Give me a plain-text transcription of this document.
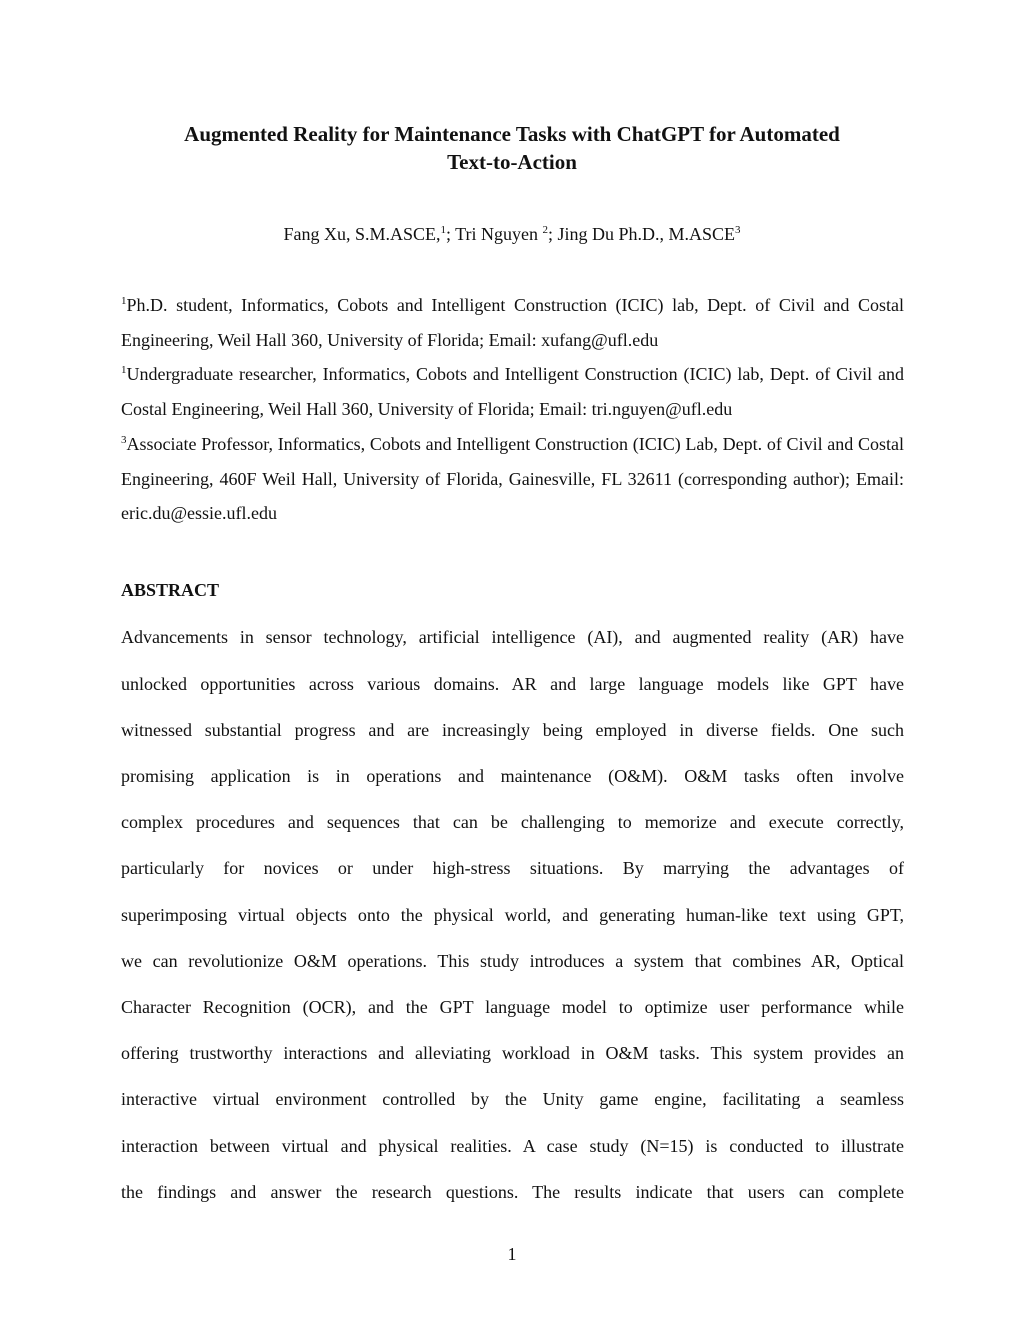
Augmented Reality for Maintenance Tasks with ChatGPT for Automated
Text-to-Action
Fang Xu, S.M.ASCE,$^1$; Tri Nguyen $^2$; Jing Du Ph.D., M.ASCE$^3$

$^1$Ph.D. student, Informatics, Cobots and Intelligent Construction (ICIC) lab, Dept. of Civil and Costal Engineering, Weil Hall 360, University of Florida; Email: xufang@ufl.edu

$^1$Undergraduate researcher, Informatics, Cobots and Intelligent Construction (ICIC) lab, Dept. of Civil and Costal Engineering, Weil Hall 360, University of Florida; Email: tri.nguyen@ufl.edu

$^3$Associate Professor, Informatics, Cobots and Intelligent Construction (ICIC) Lab, Dept. of Civil and Costal Engineering, 460F Weil Hall, University of Florida, Gainesville, FL 32611 (corresponding author); Email: eric.du@essie.ufl.edu

ABSTRACT
Advancements in sensor technology, artificial intelligence (AI), and augmented reality (AR) have
unlocked opportunities across various domains. AR and large language models like GPT have
witnessed substantial progress and are increasingly being employed in diverse fields. One such
promising application is in operations and maintenance (O&M). O&M tasks often involve
complex procedures and sequences that can be challenging to memorize and execute correctly,
particularly for novices or under high-stress situations. By marrying the advantages of
superimposing virtual objects onto the physical world, and generating human-like text using GPT,
we can revolutionize O&M operations. This study introduces a system that combines AR, Optical
Character Recognition (OCR), and the GPT language model to optimize user performance while
offering trustworthy interactions and alleviating workload in O&M tasks. This system provides an
interactive virtual environment controlled by the Unity game engine, facilitating a seamless
interaction between virtual and physical realities. A case study (N=15) is conducted to illustrate
the findings and answer the research questions. The results indicate that users can complete
1
